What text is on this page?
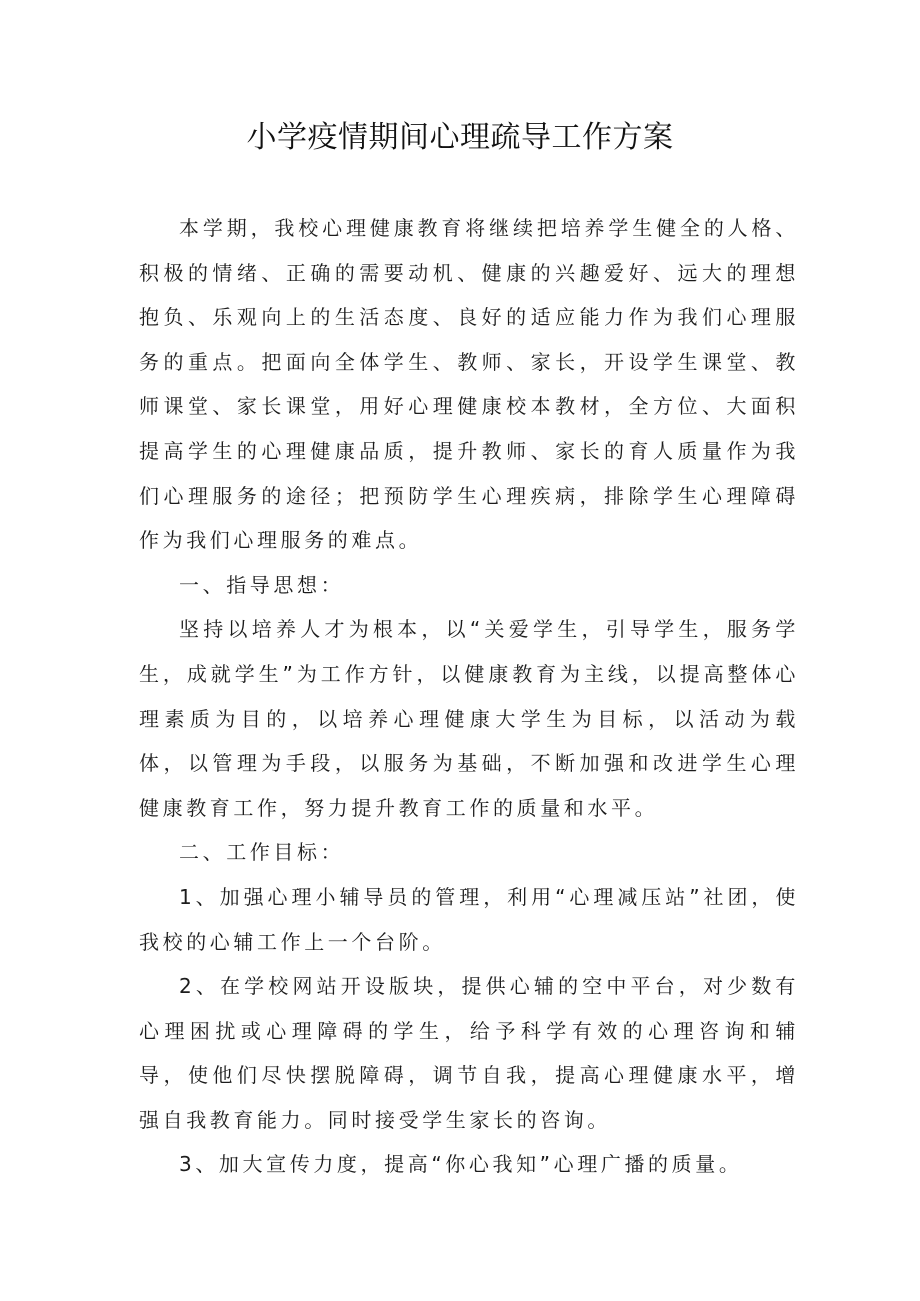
小学疫情期间心理疏导工作方案

本学期，我校心理健康教育将继续把培养学生健全的人格、积极的情绪、正确的需要动机、健康的兴趣爱好、远大的理想抱负、乐观向上的生活态度、良好的适应能力作为我们心理服务的重点。把面向全体学生、教师、家长，开设学生课堂、教师课堂、家长课堂，用好心理健康校本教材，全方位、大面积提高学生的心理健康品质，提升教师、家长的育人质量作为我们心理服务的途径；把预防学生心理疾病，排除学生心理障碍作为我们心理服务的难点。

一、指导思想：

坚持以培养人才为根本，以“关爱学生，引导学生，服务学生，成就学生”为工作方针，以健康教育为主线，以提高整体心理素质为目的，以培养心理健康大学生为目标，以活动为载体，以管理为手段，以服务为基础，不断加强和改进学生心理健康教育工作，努力提升教育工作的质量和水平。

二、工作目标：

1、加强心理小辅导员的管理，利用“心理减压站”社团，使我校的心辅工作上一个台阶。

2、在学校网站开设版块，提供心辅的空中平台，对少数有心理困扰或心理障碍的学生，给予科学有效的心理咨询和辅导，使他们尽快摆脱障碍，调节自我，提高心理健康水平，增强自我教育能力。同时接受学生家长的咨询。

3、加大宣传力度，提高“你心我知”心理广播的质量。
